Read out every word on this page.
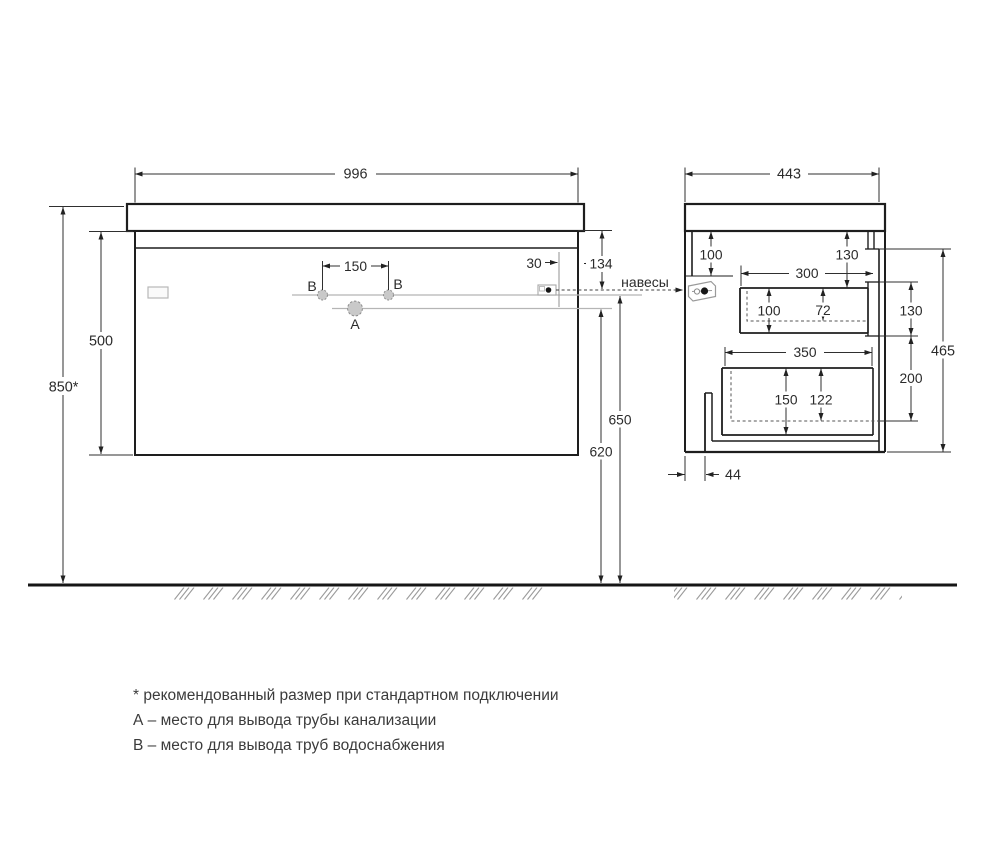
навесы
996
150
В	В
А
30	134
650
620
500
850*
443
100	130
300
100	72
350
150 122
130
200
465
44
* рекомендованный размер при стандартном подключении
А – место для вывода трубы канализации
В – место для вывода труб водоснабжения
